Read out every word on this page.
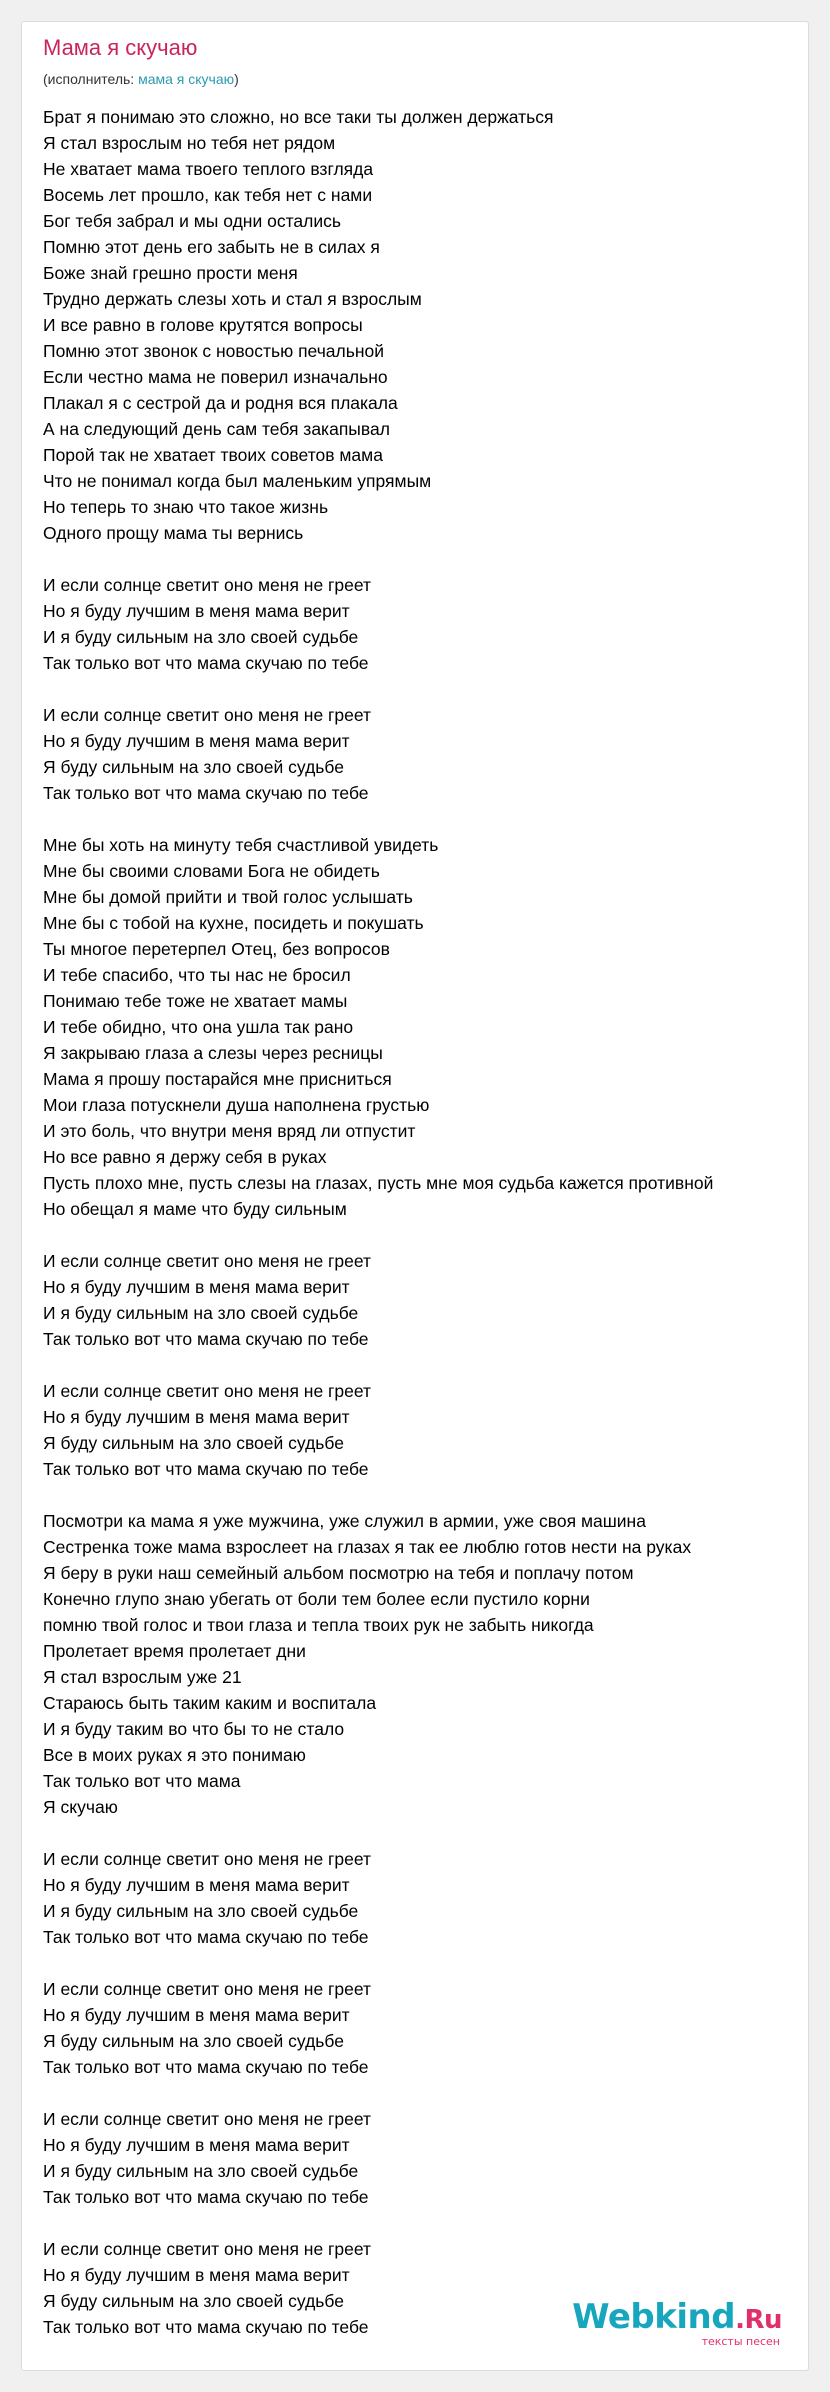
Мама я скучаю
(исполнитель: мама я скучаю)
Брат я понимаю это сложно, но все таки ты должен держаться
Я стал взрослым но тебя нет рядом
Не хватает мама твоего теплого взгляда
Восемь лет прошло, как тебя нет с нами
Бог тебя забрал и мы одни остались
Помню этот день его забыть не в силах я
Боже знай грешно прости меня
Трудно держать слезы хоть и стал я взрослым
И все равно в голове крутятся вопросы
Помню этот звонок с новостью печальной
Если честно мама не поверил изначально
Плакал я с сестрой да и родня вся плакала
А на следующий день сам тебя закапывал
Порой так не хватает твоих советов мама
Что не понимал когда был маленьким упрямым
Но теперь то знаю что такое жизнь
Одного прощу мама ты вернись
И если солнце светит оно меня не греет
Но я буду лучшим в меня мама верит
И я буду сильным на зло своей судьбе
Так только вот что мама скучаю по тебе
И если солнце светит оно меня не греет
Но я буду лучшим в меня мама верит
Я буду сильным на зло своей судьбе
Так только вот что мама скучаю по тебе
Мне бы хоть на минуту тебя счастливой увидеть
Мне бы своими словами Бога не обидеть
Мне бы домой прийти и твой голос услышать
Мне бы с тобой на кухне, посидеть и покушать
Ты многое перетерпел Отец, без вопросов
И тебе спасибо, что ты нас не бросил
Понимаю тебе тоже не хватает мамы
И тебе обидно, что она ушла так рано
Я закрываю глаза а слезы через ресницы
Мама я прошу постарайся мне присниться
Мои глаза потускнели душа наполнена грустью
И это боль, что внутри меня вряд ли отпустит
Но все равно я держу себя в руках
Пусть плохо мне, пусть слезы на глазах, пусть мне моя судьба кажется противной
Но обещал я маме что буду сильным
И если солнце светит оно меня не греет
Но я буду лучшим в меня мама верит
И я буду сильным на зло своей судьбе
Так только вот что мама скучаю по тебе
И если солнце светит оно меня не греет
Но я буду лучшим в меня мама верит
Я буду сильным на зло своей судьбе
Так только вот что мама скучаю по тебе
Посмотри ка мама я уже мужчина, уже служил в армии, уже своя машина
Сестренка тоже мама взрослеет на глазах я так ее люблю готов нести на руках
Я беру в руки наш семейный альбом посмотрю на тебя и поплачу потом
Конечно глупо знаю убегать от боли тем более если пустило корни
помню твой голос и твои глаза и тепла твоих рук не забыть никогда
Пролетает время пролетает дни
Я стал взрослым уже 21
Стараюсь быть таким каким и воспитала
И я буду таким во что бы то не стало
Все в моих руках я это понимаю
Так только вот что мама
Я скучаю
И если солнце светит оно меня не греет
Но я буду лучшим в меня мама верит
И я буду сильным на зло своей судьбе
Так только вот что мама скучаю по тебе
И если солнце светит оно меня не греет
Но я буду лучшим в меня мама верит
Я буду сильным на зло своей судьбе
Так только вот что мама скучаю по тебе
И если солнце светит оно меня не греет
Но я буду лучшим в меня мама верит
И я буду сильным на зло своей судьбе
Так только вот что мама скучаю по тебе
И если солнце светит оно меня не греет
Но я буду лучшим в меня мама верит
Я буду сильным на зло своей судьбе
Так только вот что мама скучаю по тебе	Webkind.Ru
тексты песен
